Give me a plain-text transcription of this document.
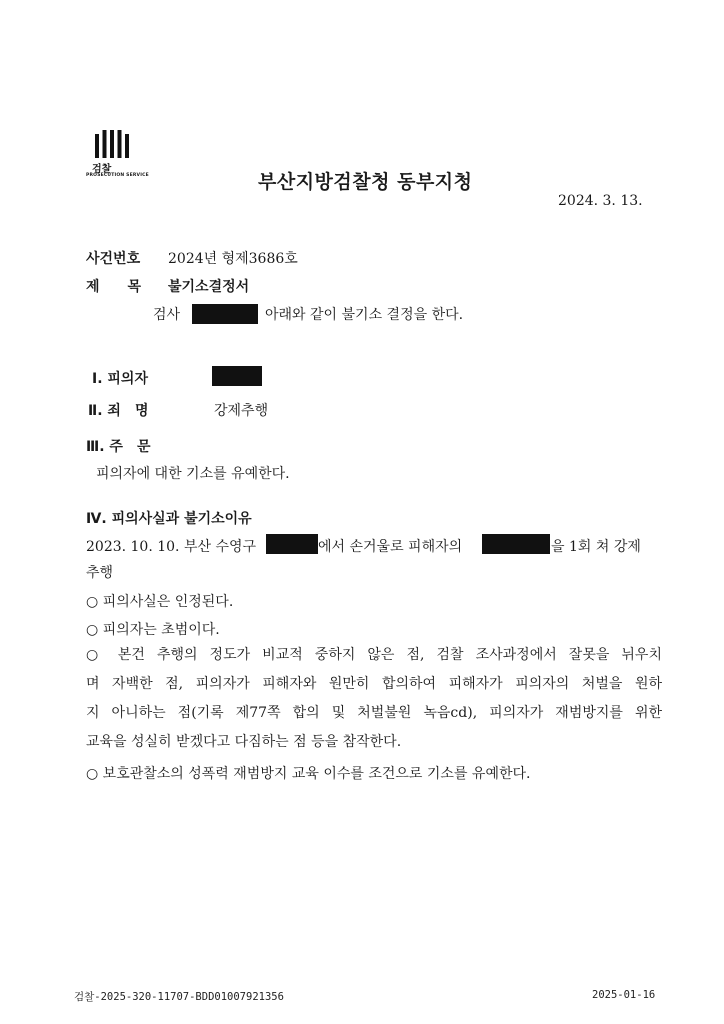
검찰
PROSECUTION SERVICE	부산지방검찰청 동부지청
2024. 3. 13.
사건번호 2024년 형제3686호
제　　목 불기소결정서
검사	아래와 같이 불기소 결정을 한다.
Ⅰ. 피의자
Ⅱ. 죄　명	강제추행
Ⅲ. 주　문
피의자에 대한 기소를 유예한다.
Ⅳ. 피의사실과 불기소이유
2023. 10. 10. 부산 수영구	에서 손거울로 피해자의	을 1회 쳐 강제
추행
○ 피의사실은 인정된다.
○ 피의자는 초범이다.
○ 본건 추행의 정도가 비교적 중하지 않은 점, 검찰 조사과정에서 잘못을 뉘우치
며 자백한 점, 피의자가 피해자와 원만히 합의하여 피해자가 피의자의 처벌을 원하
지 아니하는 점(기록 제77쪽 합의 및 처벌불원 녹음cd), 피의자가 재범방지를 위한
교육을 성실히 받겠다고 다짐하는 점 등을 참작한다.
○ 보호관찰소의 성폭력 재범방지 교육 이수를 조건으로 기소를 유예한다.
검찰-2025-320-11707-BDD01007921356	2025-01-16
